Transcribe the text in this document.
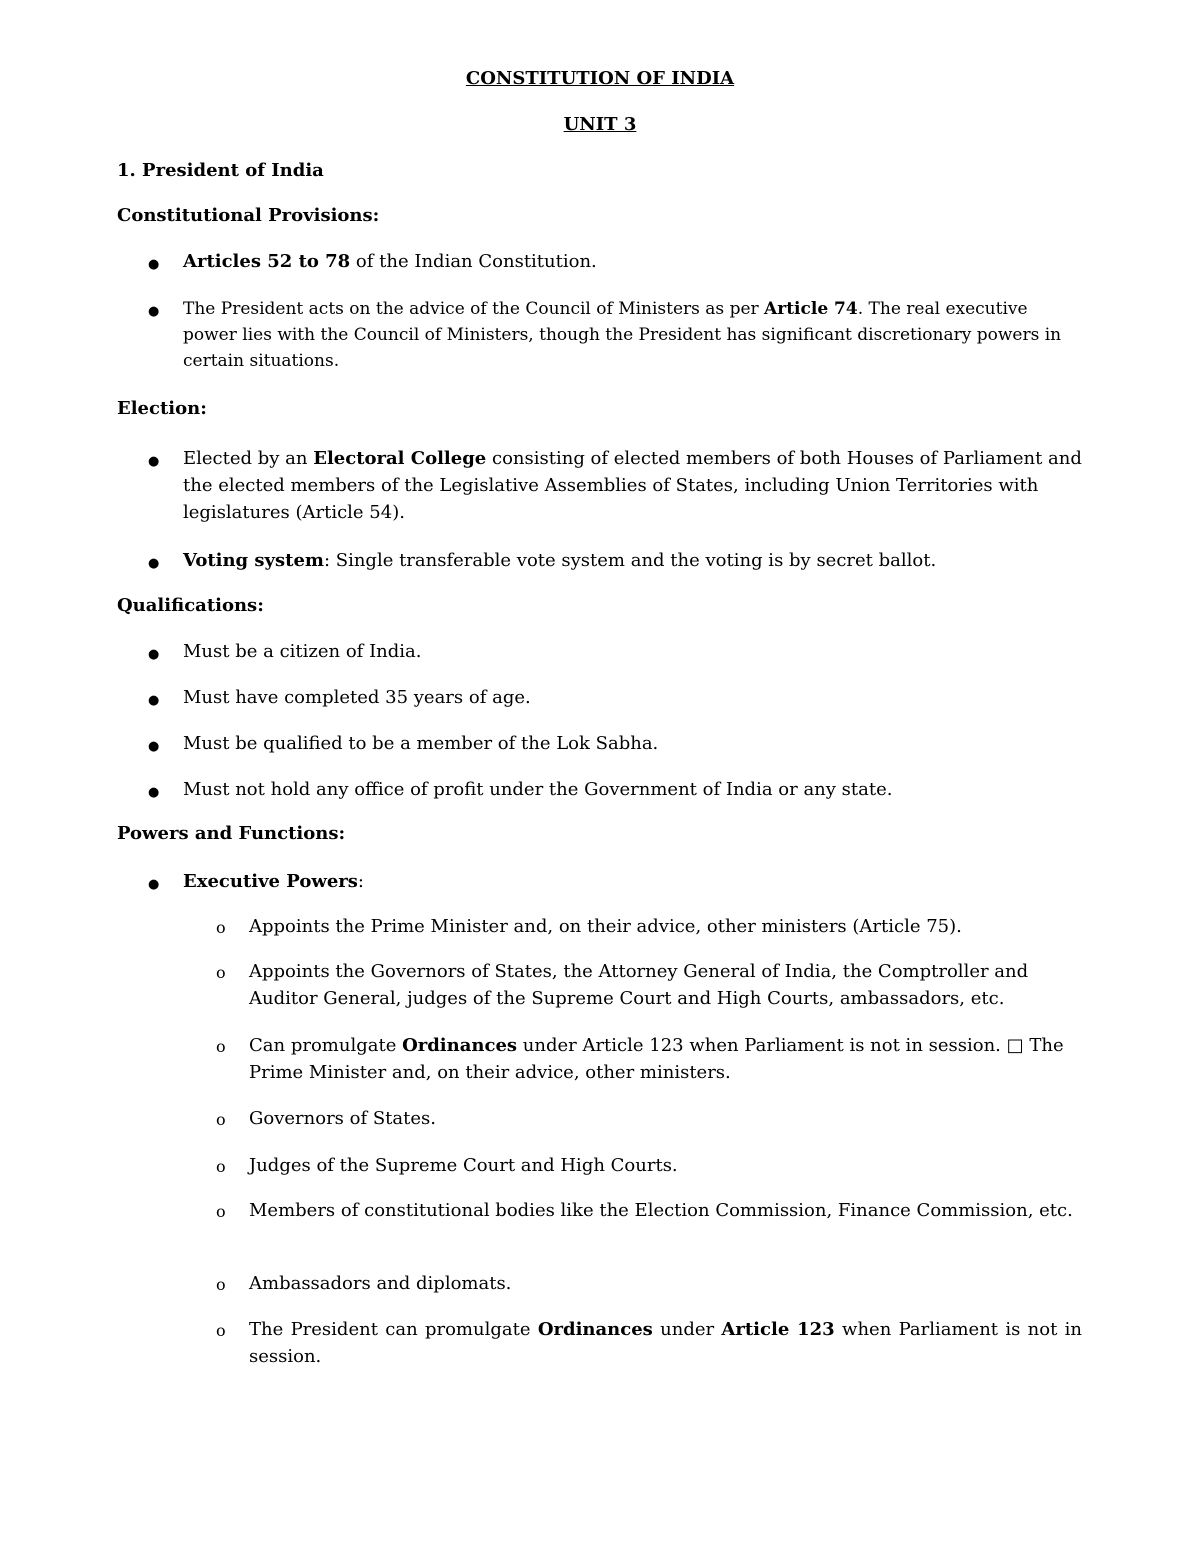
CONSTITUTION OF INDIA
UNIT 3
1. President of India
Constitutional Provisions:
● Articles 52 to 78 of the Indian Constitution.
● The President acts on the advice of the Council of Ministers as per Article 74. The real executive power lies with the Council of Ministers, though the President has significant discretionary powers in certain situations.
Election:
● Elected by an Electoral College consisting of elected members of both Houses of Parliament and the elected members of the Legislative Assemblies of States, including Union Territories with legislatures (Article 54).
● Voting system: Single transferable vote system and the voting is by secret ballot.
Qualifications:
● Must be a citizen of India.
● Must have completed 35 years of age.
● Must be qualified to be a member of the Lok Sabha.
● Must not hold any office of profit under the Government of India or any state.
Powers and Functions:
● Executive Powers:
o Appoints the Prime Minister and, on their advice, other ministers (Article 75).
o Appoints the Governors of States, the Attorney General of India, the Comptroller and Auditor General, judges of the Supreme Court and High Courts, ambassadors, etc.
o Can promulgate Ordinances under Article 123 when Parliament is not in session. □ The Prime Minister and, on their advice, other ministers.
o Governors of States.
o Judges of the Supreme Court and High Courts.
o Members of constitutional bodies like the Election Commission, Finance Commission, etc.
o Ambassadors and diplomats.
o The President can promulgate Ordinances under Article 123 when Parliament is not in session.
